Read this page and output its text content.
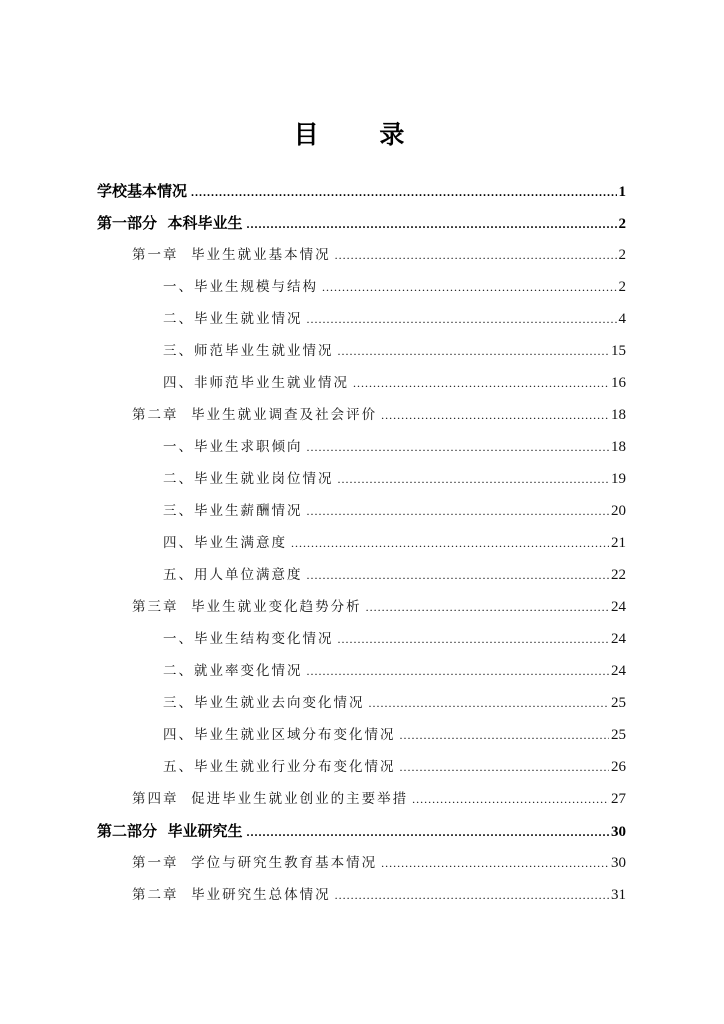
目 录
学校基本情况 .....	1
第一部分  本科毕业生 .....	2
第一章  毕业生就业基本情况 .....	2
一、毕业生规模与结构 .....	2
二、毕业生就业情况 .....	4
三、师范毕业生就业情况 .....	15
四、非师范毕业生就业情况 .....	16
第二章  毕业生就业调查及社会评价 .....	18
一、毕业生求职倾向 .....	18
二、毕业生就业岗位情况 .....	19
三、毕业生薪酬情况 .....	20
四、毕业生满意度 .....	21
五、用人单位满意度 .....	22
第三章  毕业生就业变化趋势分析 .....	24
一、毕业生结构变化情况 .....	24
二、就业率变化情况 .....	24
三、毕业生就业去向变化情况 .....	25
四、毕业生就业区域分布变化情况 .....	25
五、毕业生就业行业分布变化情况 .....	26
第四章  促进毕业生就业创业的主要举措 .....	27
第二部分  毕业研究生 .....	30
第一章  学位与研究生教育基本情况 .....	30
第二章  毕业研究生总体情况 .....	31
